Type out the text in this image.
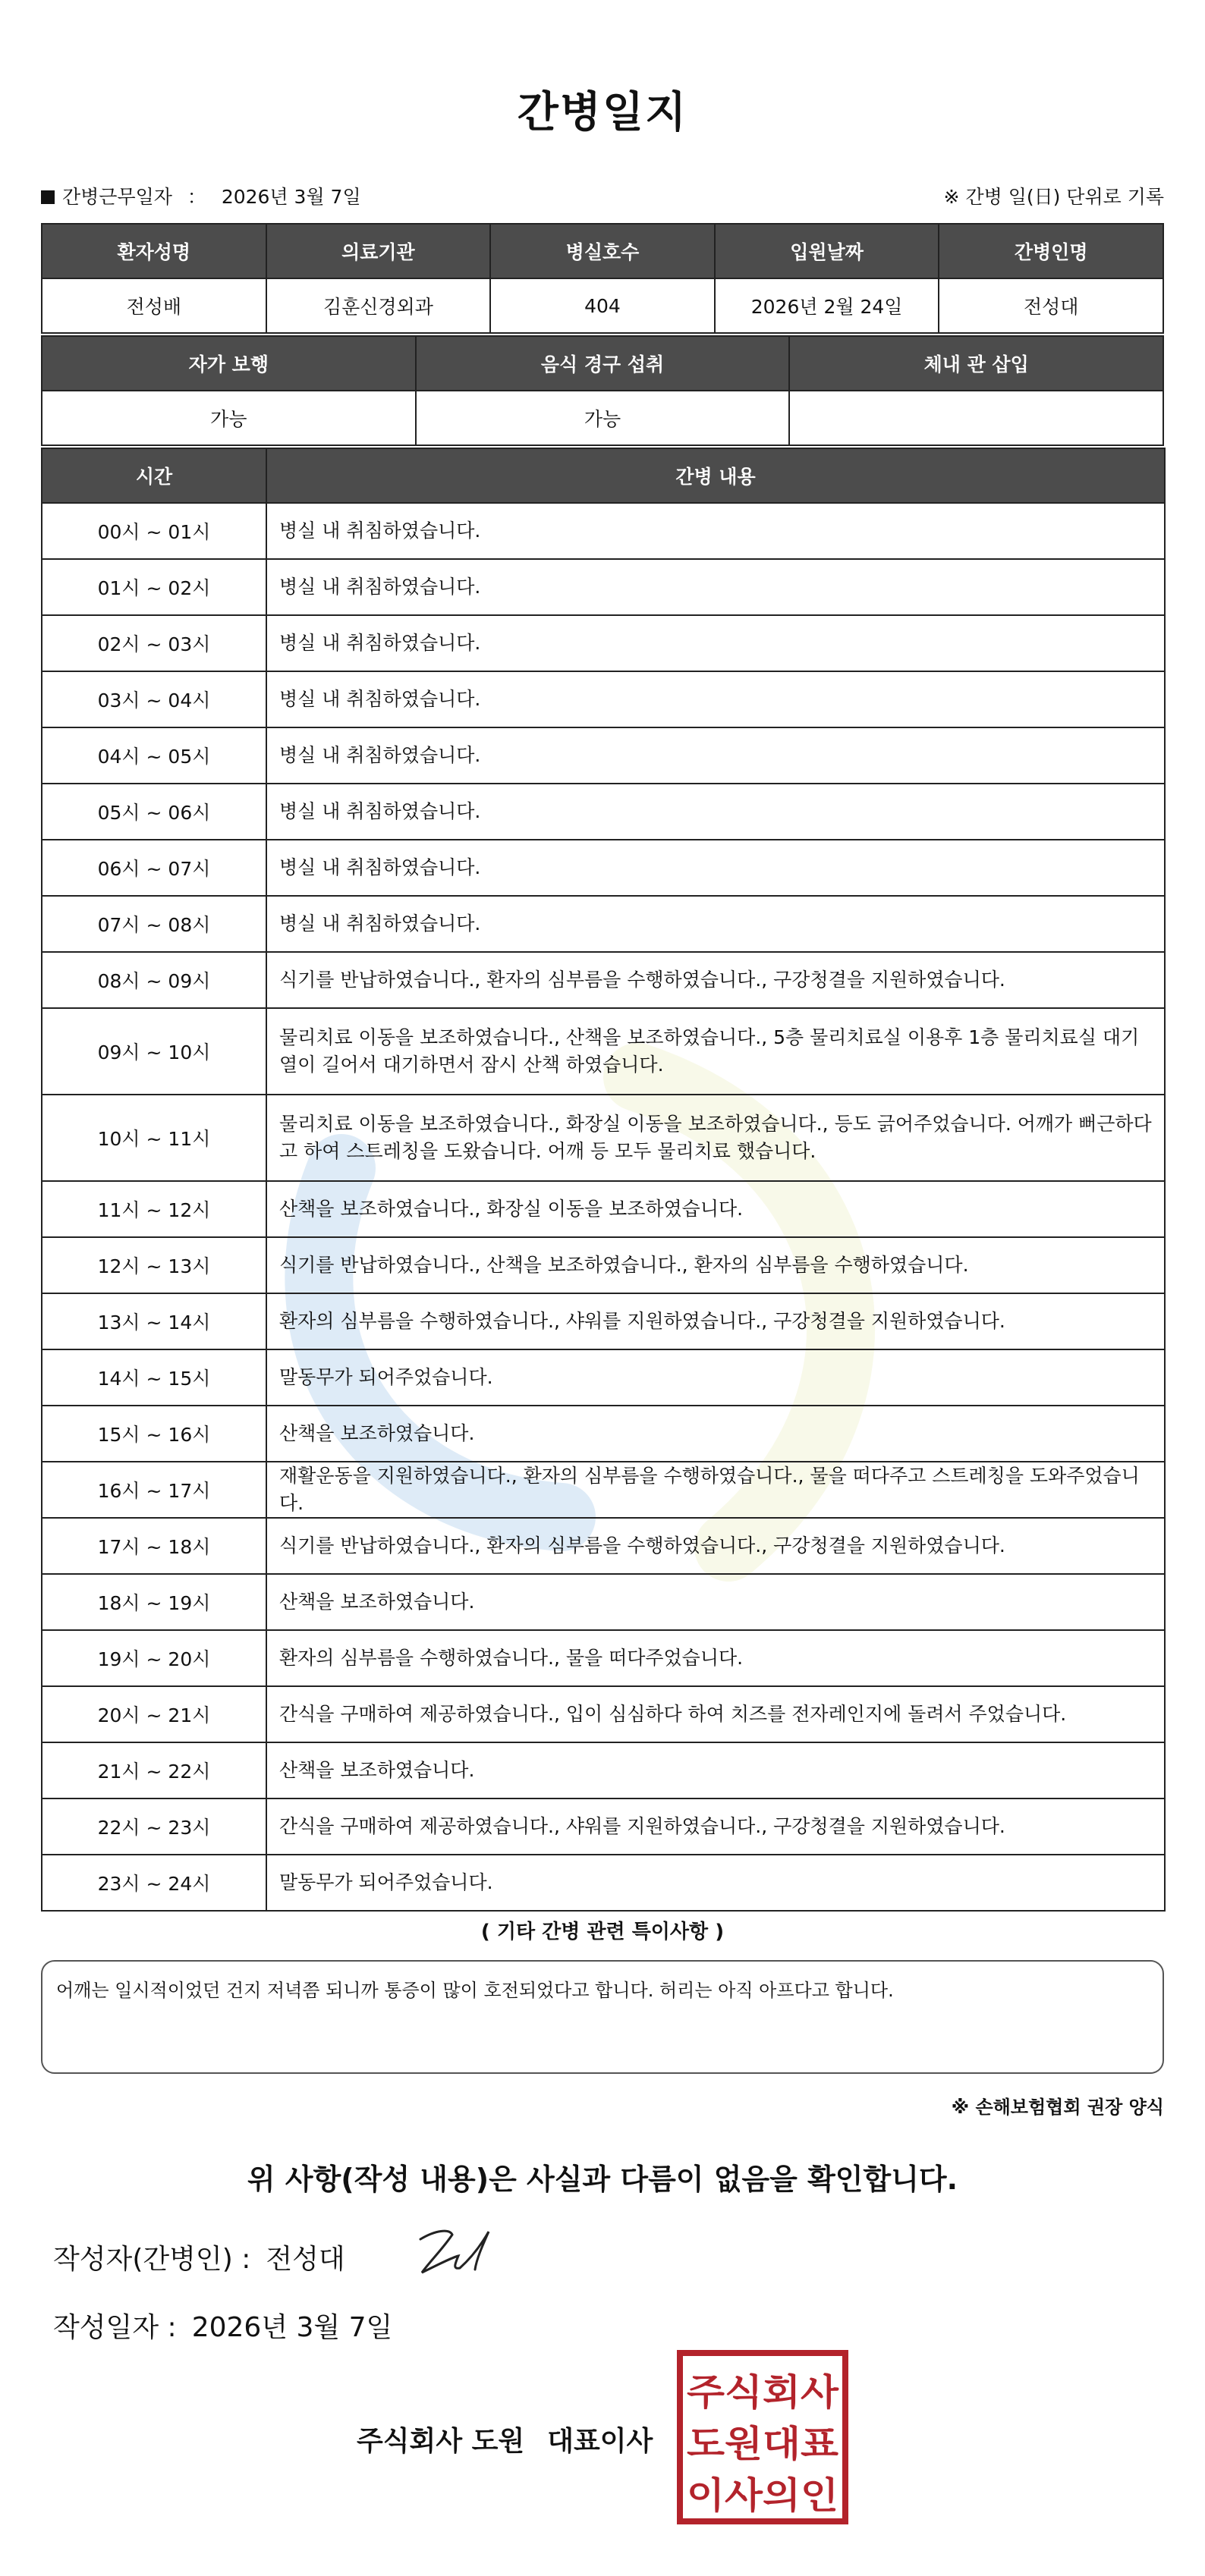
간병일지
간병근무일자 ： 2026년 3월 7일	※ 간병 일(日) 단위로 기록
환자성명	의료기관	병실호수	입원날짜	간병인명
전성배	김훈신경외과	404	2026년 2월 24일	전성대
자가 보행	음식 경구 섭취	체내 관 삽입
가능	가능	
시간	간병 내용
00시 ~ 01시	병실 내 취침하였습니다.
01시 ~ 02시	병실 내 취침하였습니다.
02시 ~ 03시	병실 내 취침하였습니다.
03시 ~ 04시	병실 내 취침하였습니다.
04시 ~ 05시	병실 내 취침하였습니다.
05시 ~ 06시	병실 내 취침하였습니다.
06시 ~ 07시	병실 내 취침하였습니다.
07시 ~ 08시	병실 내 취침하였습니다.
08시 ~ 09시	식기를 반납하였습니다., 환자의 심부름을 수행하였습니다., 구강청결을 지원하였습니다.
09시 ~ 10시	물리치료 이동을 보조하였습니다., 산책을 보조하였습니다., 5층 물리치료실 이용후 1층 물리치료실 대기열이 길어서 대기하면서 잠시 산책 하였습니다.
10시 ~ 11시	물리치료 이동을 보조하였습니다., 화장실 이동을 보조하였습니다., 등도 긁어주었습니다. 어깨가 뻐근하다고 하여 스트레칭을 도왔습니다. 어깨 등 모두 물리치료 했습니다.
11시 ~ 12시	산책을 보조하였습니다., 화장실 이동을 보조하였습니다.
12시 ~ 13시	식기를 반납하였습니다., 산책을 보조하였습니다., 환자의 심부름을 수행하였습니다.
13시 ~ 14시	환자의 심부름을 수행하였습니다., 샤워를 지원하였습니다., 구강청결을 지원하였습니다.
14시 ~ 15시	말동무가 되어주었습니다.
15시 ~ 16시	산책을 보조하였습니다.
16시 ~ 17시	재활운동을 지원하였습니다., 환자의 심부름을 수행하였습니다., 물을 떠다주고 스트레칭을 도와주었습니다.
17시 ~ 18시	식기를 반납하였습니다., 환자의 심부름을 수행하였습니다., 구강청결을 지원하였습니다.
18시 ~ 19시	산책을 보조하였습니다.
19시 ~ 20시	환자의 심부름을 수행하였습니다., 물을 떠다주었습니다.
20시 ~ 21시	간식을 구매하여 제공하였습니다., 입이 심심하다 하여 치즈를 전자레인지에 돌려서 주었습니다.
21시 ~ 22시	산책을 보조하였습니다.
22시 ~ 23시	간식을 구매하여 제공하였습니다., 샤워를 지원하였습니다., 구강청결을 지원하였습니다.
23시 ~ 24시	말동무가 되어주었습니다.
( 기타 간병 관련 특이사항 )
어깨는 일시적이었던 건지 저녁쯤 되니까 통증이 많이 호전되었다고 합니다. 허리는 아직 아프다고 합니다.
※ 손해보험협회 권장 양식
위 사항(작성 내용)은 사실과 다름이 없음을 확인합니다.
작성자(간병인) : 전성대
작성일자 : 2026년 3월 7일
주식회사 도원 대표이사
주식회사
도원대표
이사의인
